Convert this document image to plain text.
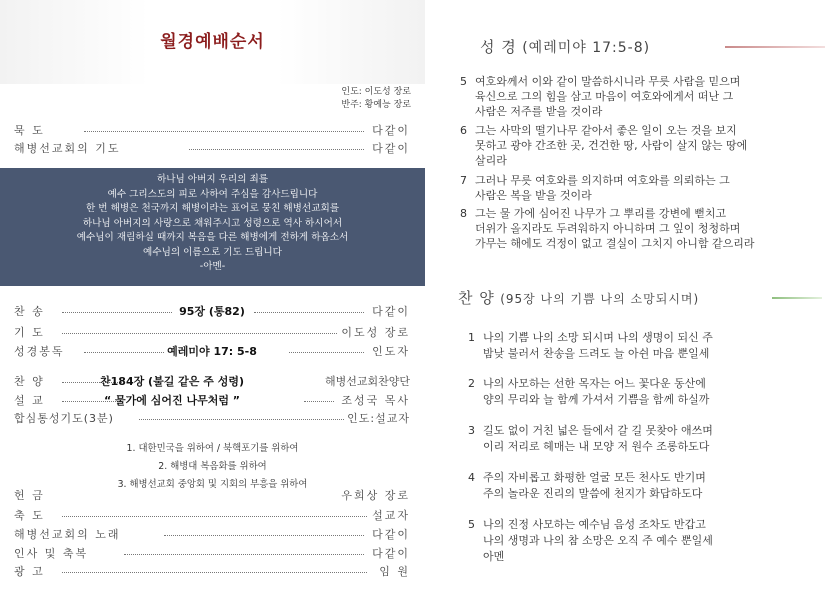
월경예배순서
인도: 이도성 장로
반주: 황예능 장로
묵 도	다같이
해병선교회의 기도	다같이
하나님 아버지 우리의 죄를
예수 그리스도의 피로 사하여 주심을 감사드립니다
한 번 해병은 천국까지 해병이라는 표어로 뭉친 해병선교회를
하나님 아버지의 사랑으로 채워주시고 성령으로 역사 하시어서
예수님이 재림하실 때까지 복음을 다른 해병에게 전하게 하옵소서
예수님의 이름으로 기도 드립니다
-아멘-
찬 송	95장 (통82)	다같이
기 도	이도성 장로
성경봉독	예레미야 17: 5-8	인도자
찬 양	찬184장 (불길 같은 주 성령)	해병선교회찬양단
설 교	“ 물가에 심어진 나무처럼 ”	조성국 목사
합심통성기도(3분)	인도:설교자
1. 대한민국을 위하여 / 북핵포기를 위하여
2. 해병대 복음화를 위하여
3. 해병선교회 중앙회 및 지회의 부흥을 위하여
헌 금	우희상 장로
축 도	설교자
해병선교회의 노래	다같이
인사 및 축복	다같이
광 고	임 원
성 경 (예레미야 17:5-8)
5 여호와께서 이와 같이 말씀하시니라 무릇 사람을 믿으며
육신으로 그의 힘을 삼고 마음이 여호와에게서 떠난 그
사람은 저주를 받을 것이라
6 그는 사막의 떨기나무 같아서 좋은 일이 오는 것을 보지
못하고 광야 간조한 곳, 건건한 땅, 사람이 살지 않는 땅에
살리라
7 그러나 무릇 여호와를 의지하며 여호와를 의뢰하는 그
사람은 복을 받을 것이라
8 그는 물 가에 심어진 나무가 그 뿌리를 강변에 뻗치고
더위가 올지라도 두려워하지 아니하며 그 잎이 청청하며
가무는 해에도 걱정이 없고 결실이 그치지 아니함 같으리라
찬 양 (95장 나의 기쁨 나의 소망되시며)
1 나의 기쁨 나의 소망 되시며 나의 생명이 되신 주
밤낮 불러서 찬송을 드려도 늘 아쉰 마음 뿐일세
2 나의 사모하는 선한 목자는 어느 꽃다운 동산에
양의 무리와 늘 함께 가셔서 기쁨을 함께 하실까
3 길도 없이 거친 넓은 들에서 갈 길 못찾아 애쓰며
이리 저리로 헤매는 내 모양 저 원수 조롱하도다
4 주의 자비롭고 화평한 얼굴 모든 천사도 반기며
주의 놀라운 진리의 말씀에 천지가 화답하도다
5 나의 진정 사모하는 예수님 음성 조차도 반갑고
나의 생명과 나의 참 소망은 오직 주 예수 뿐일세
아멘
